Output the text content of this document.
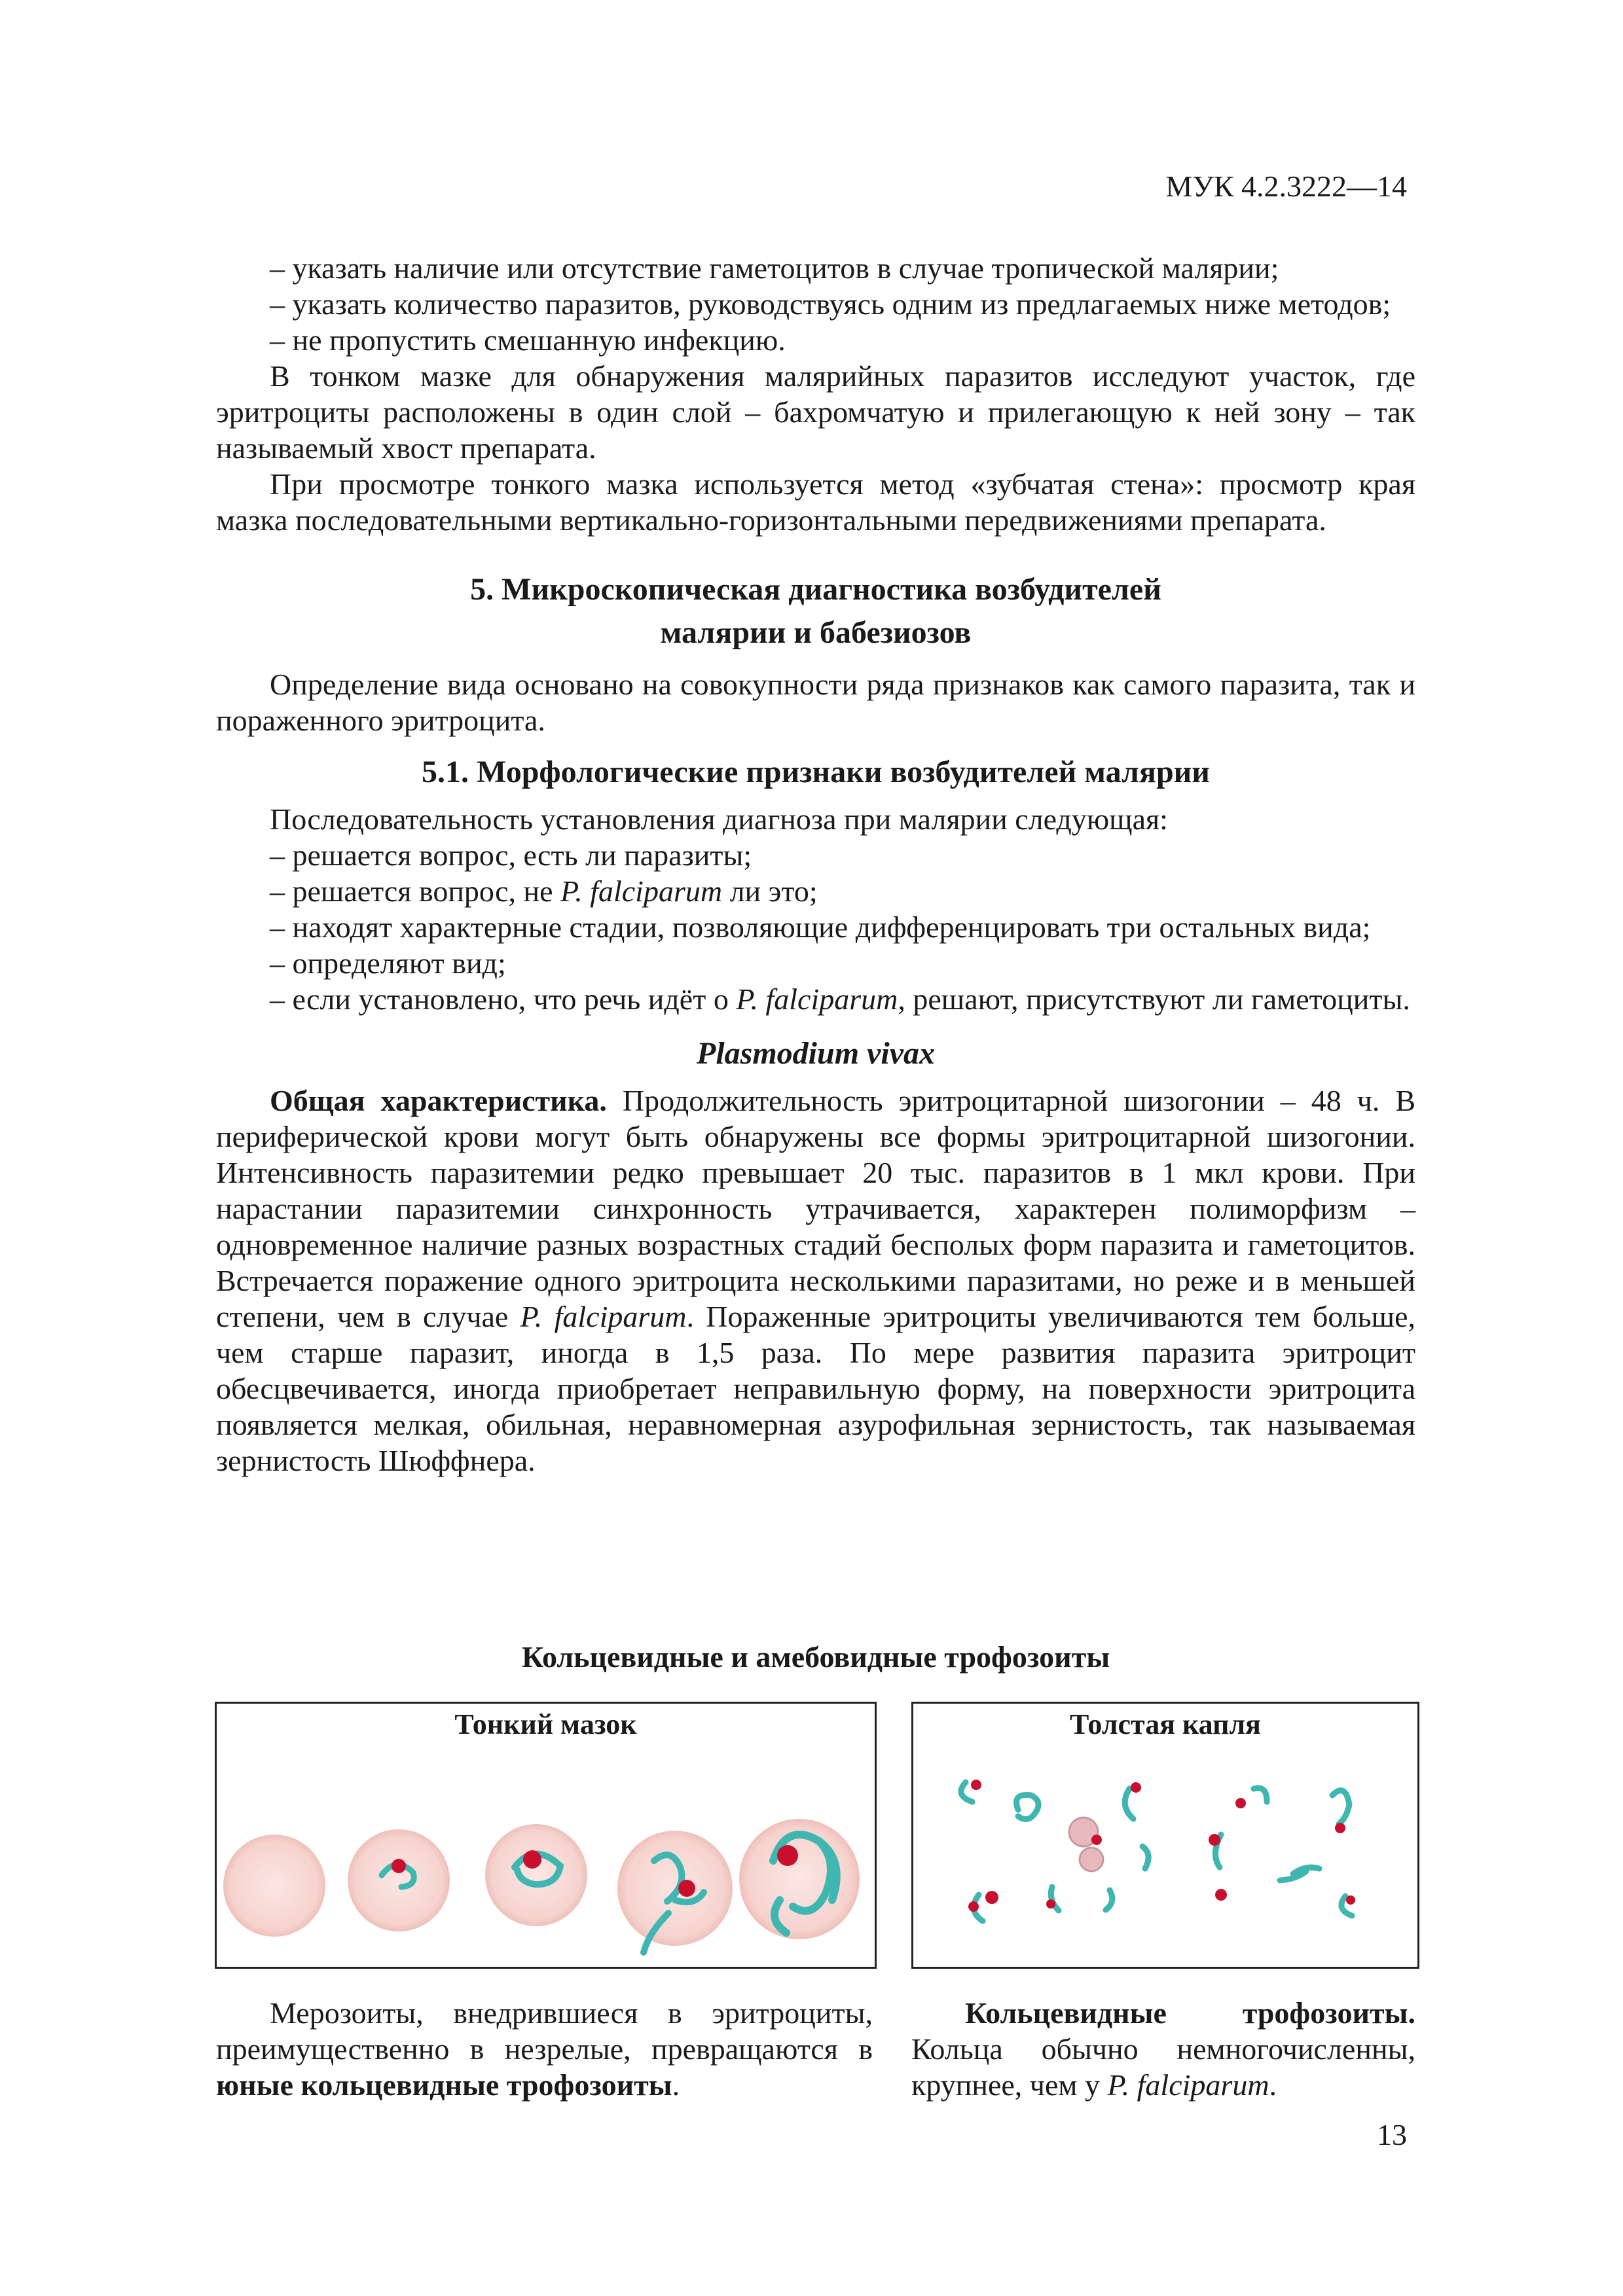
МУК 4.2.3222—14

– указать наличие или отсутствие гаметоцитов в случае тропической малярии;

– указать количество паразитов, руководствуясь одним из предлагаемых ниже методов;

– не пропустить смешанную инфекцию.

В тонком мазке для обнаружения малярийных паразитов исследуют участок, где эритроциты расположены в один слой – бахромчатую и прилегающую к ней зону – так называемый хвост препарата.

При просмотре тонкого мазка используется метод «зубчатая стена»: просмотр края мазка последовательными вертикально-горизонтальными передвижениями препарата.

5. Микроскопическая диагностика возбудителей
малярии и бабезиозов

Определение вида основано на совокупности ряда признаков как самого паразита, так и пораженного эритроцита.

5.1. Морфологические признаки возбудителей малярии

Последовательность установления диагноза при малярии следующая:

– решается вопрос, есть ли паразиты;

– решается вопрос, не P. falciparum ли это;

– находят характерные стадии, позволяющие дифференцировать три остальных вида;

– определяют вид;

– если установлено, что речь идёт о P. falciparum, решают, присутствуют ли гаметоциты.

Plasmodium vivax

Общая характеристика. Продолжительность эритроцитарной шизогонии – 48 ч. В периферической крови могут быть обнаружены все формы эритроцитарной шизогонии. Интенсивность паразитемии редко превышает 20 тыс. паразитов в 1 мкл крови. При нарастании паразитемии синхронность утрачивается, характерен полиморфизм – одновременное наличие разных возрастных стадий бесполых форм паразита и гаметоцитов. Встречается поражение одного эритроцита несколькими паразитами, но реже и в меньшей степени, чем в случае P. falciparum. Пораженные эритроциты увеличиваются тем больше, чем старше паразит, иногда в 1,5 раза. По мере развития паразита эритроцит обесцвечивается, иногда приобретает неправильную форму, на поверхности эритроцита появляется мелкая, обильная, неравномерная азурофильная зернистость, так называемая зернистость Шюффнера.

Кольцевидные и амебовидные трофозоиты
Тонкий мазок	Толстая капля
Мерозоиты, внедрившиеся в эритроциты, преимущественно в незрелые, превращаются в юные кольцевидные трофозоиты.
Кольцевидные трофозоиты. Кольца обычно немногочисленны, крупнее, чем у P. falciparum.
13
